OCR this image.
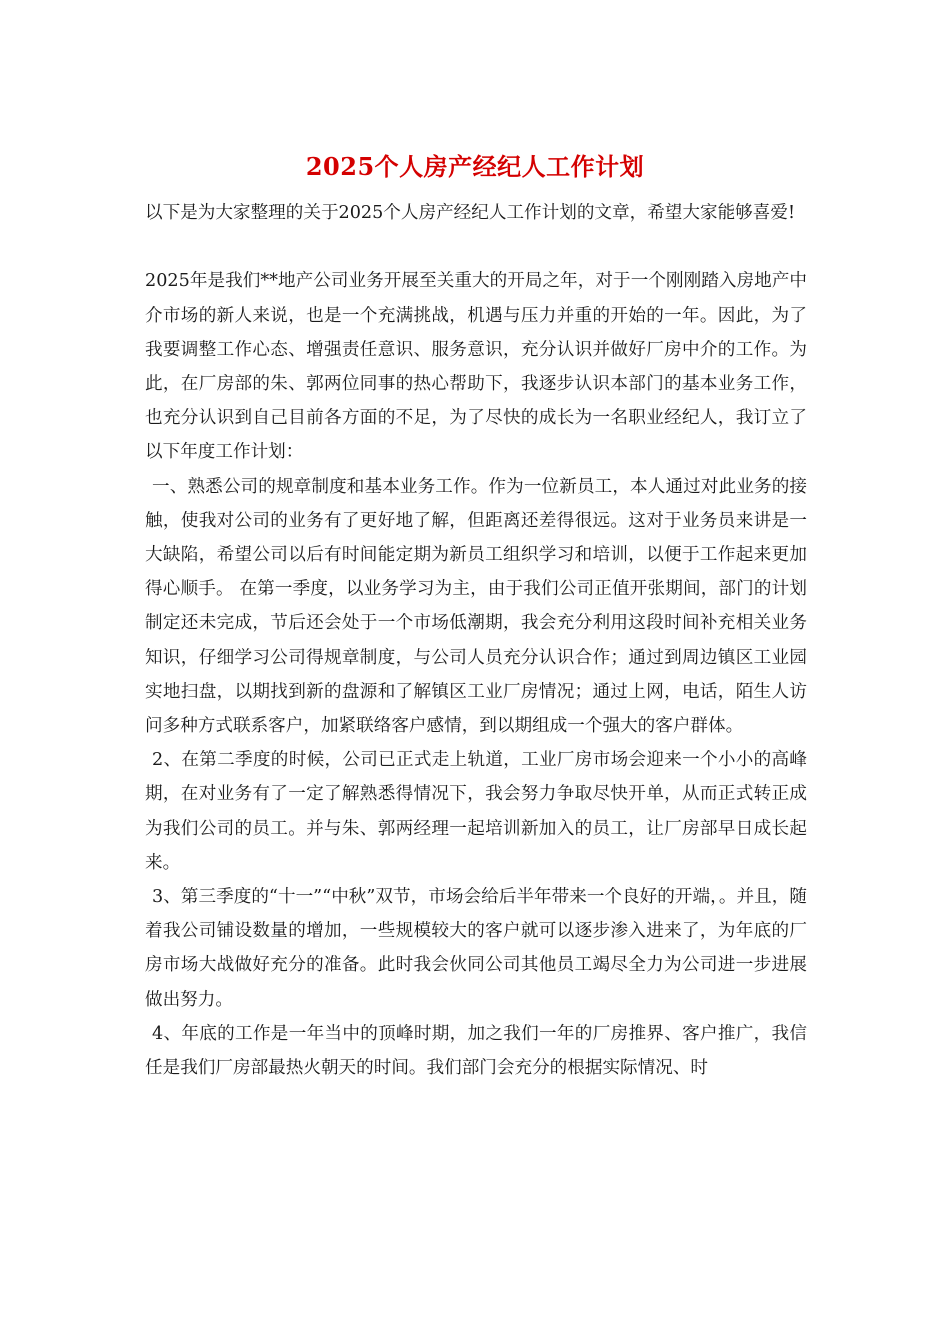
2025个人房产经纪人工作计划

以下是为大家整理的关于2025个人房产经纪人工作计划的文章，希望大家能够喜爱!

2025年是我们**地产公司业务开展至关重大的开局之年，对于一个刚刚踏入房地产中介市场的新人来说，也是一个充满挑战，机遇与压力并重的开始的一年。因此，为了我要调整工作心态、增强责任意识、服务意识，充分认识并做好厂房中介的工作。为此，在厂房部的朱、郭两位同事的热心帮助下，我逐步认识本部门的基本业务工作，也充分认识到自己目前各方面的不足，为了尽快的成长为一名职业经纪人，我订立了以下年度工作计划：

一、熟悉公司的规章制度和基本业务工作。作为一位新员工，本人通过对此业务的接触，使我对公司的业务有了更好地了解，但距离还差得很远。这对于业务员来讲是一大缺陷，希望公司以后有时间能定期为新员工组织学习和培训，以便于工作起来更加得心顺手。 在第一季度，以业务学习为主，由于我们公司正值开张期间，部门的计划制定还未完成，节后还会处于一个市场低潮期，我会充分利用这段时间补充相关业务知识，仔细学习公司得规章制度，与公司人员充分认识合作；通过到周边镇区工业园实地扫盘，以期找到新的盘源和了解镇区工业厂房情况；通过上网，电话，陌生人访问多种方式联系客户，加紧联络客户感情，到以期组成一个强大的客户群体。

2、在第二季度的时候，公司已正式走上轨道，工业厂房市场会迎来一个小小的高峰期，在对业务有了一定了解熟悉得情况下，我会努力争取尽快开单，从而正式转正成为我们公司的员工。并与朱、郭两经理一起培训新加入的员工，让厂房部早日成长起来。

3、第三季度的“十一”“中秋”双节，市场会给后半年带来一个良好的开端，。并且，随着我公司铺设数量的增加，一些规模较大的客户就可以逐步渗入进来了，为年底的厂房市场大战做好充分的准备。此时我会伙同公司其他员工竭尽全力为公司进一步进展做出努力。

4、年底的工作是一年当中的顶峰时期，加之我们一年的厂房推界、客户推广，我信任是我们厂房部最热火朝天的时间。我们部门会充分的根据实际情况、时
